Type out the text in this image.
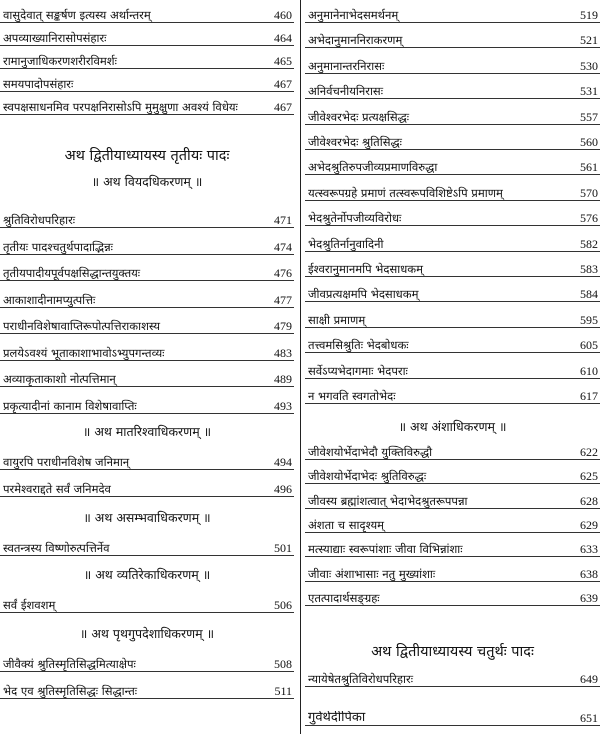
वासुदेवात् सङ्कर्षण इत्यस्य अर्थान्तरम्	460
अपव्याख्यानिरासोपसंहारः	464
रामानुजाधिकरणशरीरविमर्शः	465
समयपादोपसंहारः	467
स्वपक्षसाधनमिव परपक्षनिरासोऽपि मुमुक्षुणा अवश्यं विधेयः	467
अथ द्वितीयाध्यायस्य तृतीयः पादः
॥ अथ वियदधिकरणम् ॥
श्रुतिविरोधपरिहारः	471
तृतीयः पादश्चतुर्थपादाद्भिन्नः	474
तृतीयपादीयपूर्वपक्षसिद्धान्तयुक्तयः	476
आकाशादीनामप्युत्पत्तिः	477
पराधीनविशेषावाप्तिरूपोत्पत्तिराकाशस्य	479
प्रलयेऽवश्यं भूताकाशाभावोऽभ्युपगन्तव्यः	483
अव्याकृताकाशो नोत्पत्तिमान्	489
प्रकृत्यादीनां कानाम विशेषावाप्तिः	493
॥ अथ मातरिश्वाधिकरणम् ॥
वायुरपि पराधीनविशेष जनिमान्	494
परमेश्वराद्दते सर्वं जनिमदेव	496
॥ अथ असम्भवाधिकरणम् ॥
स्वतन्त्रस्य विष्णोरुत्पत्तिर्नेव	501
॥ अथ व्यतिरेकाधिकरणम् ॥
सर्वं ईशवशम्	506
॥ अथ पृथगुपदेशाधिकरणम् ॥
जीवैक्यं श्रुतिस्मृतिसिद्धमित्याक्षेपः	508
भेद एव श्रुतिस्मृतिसिद्धः सिद्धान्तः	511
अनुमानेनाभेदसमर्थनम्	519
अभेदानुमाननिराकरणम्	521
अनुमानान्तरनिरासः	530
अनिर्वचनीयनिरासः	531
जीवेश्वरभेदः प्रत्यक्षसिद्धः	557
जीवेश्वरभेदः श्रुतिसिद्धः	560
अभेदश्रुतिरुपजीव्यप्रमाणविरुद्धा	561
यत्स्वरूपग्रहे प्रमाणं तत्स्वरूपविशिष्टेऽपि प्रमाणम्	570
भेदश्रुतेर्नोपजीव्यविरोधः	576
भेदश्रुतिर्नानुवादिनी	582
ईश्वरानुमानमपि भेदसाधकम्	583
जीवप्रत्यक्षमपि भेदसाधकम्	584
साक्षी प्रमाणम्	595
तत्त्वमसिश्रुतिः भेदबोधकः	605
सर्वेऽप्यभेदागमाः भेदपराः	610
न भगवति स्वगतोभेदः	617
॥ अथ अंशाधिकरणम् ॥
जीवेशयोर्भेदाभेदौ युक्तिविरुद्धौ	622
जीवेशयोर्भेदाभेदः श्रुतिविरुद्धः	625
जीवस्य ब्रह्मांशत्वात् भेदाभेदश्रुतरूपपन्ना	628
अंशता च सादृश्यम्	629
मत्स्याद्याः स्वरूपांशाः जीवा विभिन्नांशाः	633
जीवाः अंशाभासाः नतु मुख्यांशाः	638
एतत्पादार्थसङ्ग्रहः	639
अथ द्वितीयाध्यायस्य चतुर्थः पादः
न्यायेषेतश्रुतिविरोधपरिहारः	649
गुर्वर्थदीपिका	651
